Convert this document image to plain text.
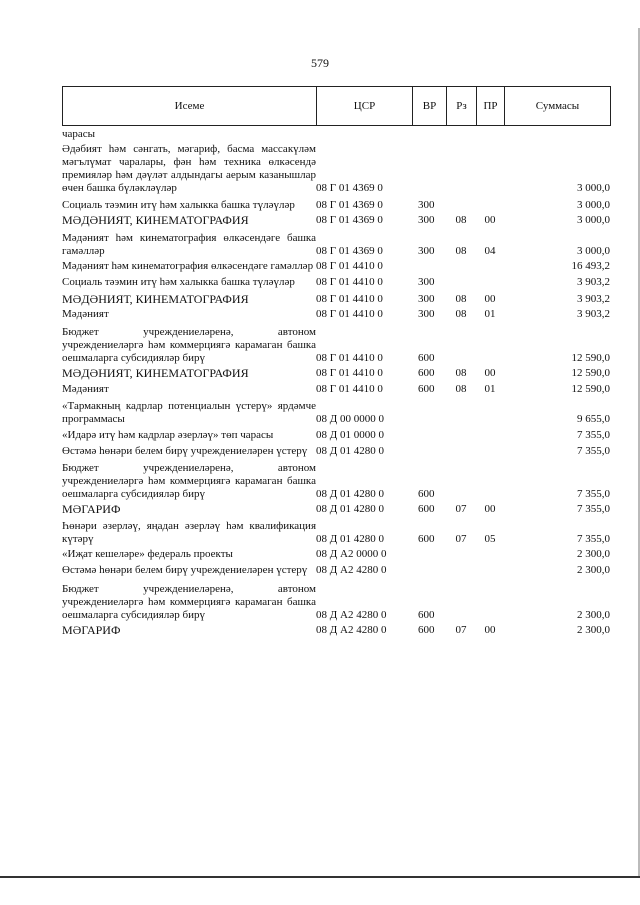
579
Исеме	ЦСР	ВР	Рз	ПР	Суммасы
чарасы
Әдәбият һәм сәнгать, мәгариф, басма массакүләм мәгълүмат чаралары, фән һәм техника өлкәсендә премияләр һәм дәүләт алдындагы аерым казанышлар өчен башка бүләкләүләр	08 Г 01 4369 0	3 000,0
Социаль тәэмин итү һәм халыкка башка түләүләр	08 Г 01 4369 0	300	3 000,0
МӘДӘНИЯТ, КИНЕМАТОГРАФИЯ	08 Г 01 4369 0	300	08	00	3 000,0
Мәдәният һәм кинематография өлкәсендәге башка гамәлләр	08 Г 01 4369 0	300	08	04	3 000,0
Мәдәният һәм кинематография өлкәсендәге гамәлләр 08 Г 01 4410 0	16 493,2
Социаль тәэмин итү һәм халыкка башка түләүләр	08 Г 01 4410 0	300	3 903,2
МӘДӘНИЯТ, КИНЕМАТОГРАФИЯ	08 Г 01 4410 0	300	08	00	3 903,2
Мәдәният	08 Г 01 4410 0	300	08	01	3 903,2
Бюджет учреждениеләренә, автоном учреждениеләргә һәм коммерциягә карамаган башка оешмаларга субсидияләр бирү	08 Г 01 4410 0	600	12 590,0
МӘДӘНИЯТ, КИНЕМАТОГРАФИЯ	08 Г 01 4410 0	600	08	00	12 590,0
Мәдәният	08 Г 01 4410 0	600	08	01	12 590,0
«Тармакның кадрлар потенциалын үстерү» ярдәмче программасы	08 Д 00 0000 0	9 655,0
«Идарә итү һәм кадрлар әзерләү» төп чарасы	08 Д 01 0000 0	7 355,0
Өстәмә һөнәри белем бирү учреждениеләрен үстерү 08 Д 01 4280 0	7 355,0
Бюджет учреждениеләренә, автоном учреждениеләргә һәм коммерциягә карамаган башка оешмаларга субсидияләр бирү	08 Д 01 4280 0	600	7 355,0
МӘГАРИФ	08 Д 01 4280 0	600	07	00	7 355,0
Һөнәри әзерләү, яңадан әзерләү һәм квалификация күтәрү	08 Д 01 4280 0	600	07	05	7 355,0
«Иҗат кешеләре» федераль проекты	08 Д А2 0000 0	2 300,0
Өстәмә һөнәри белем бирү учреждениеләрен үстерү 08 Д А2 4280 0	2 300,0
Бюджет учреждениеләренә, автоном учреждениеләргә һәм коммерциягә карамаган башка оешмаларга субсидияләр бирү	08 Д А2 4280 0	600	2 300,0
МӘГАРИФ	08 Д А2 4280 0	600	07	00	2 300,0
